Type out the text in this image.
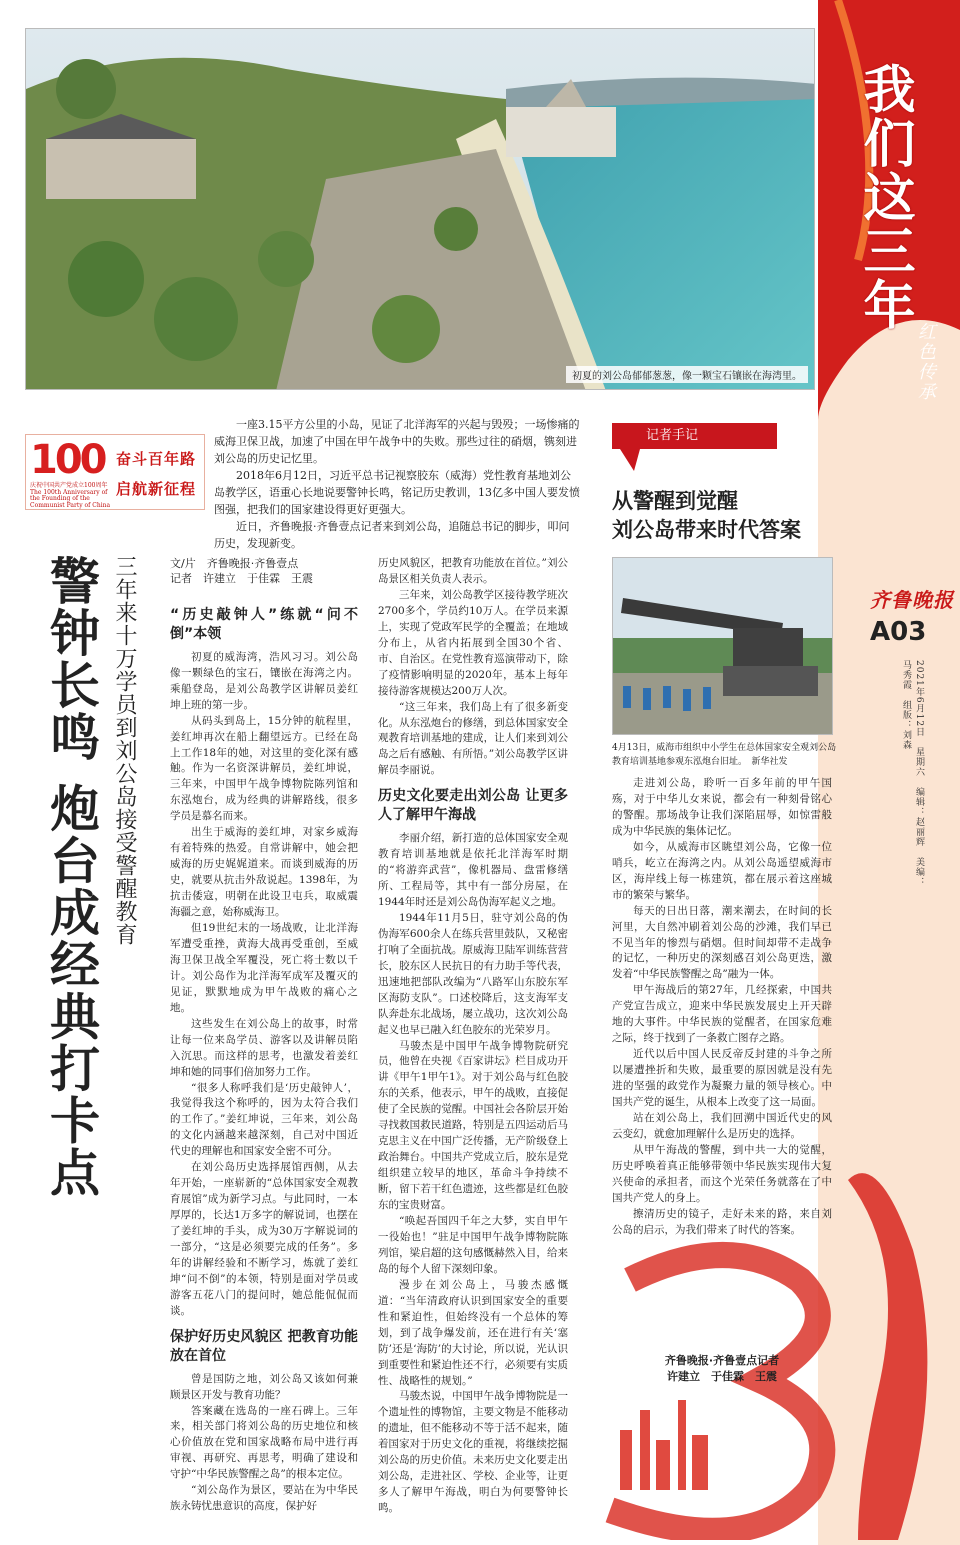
初夏的刘公岛郁郁葱葱，像一颗宝石镶嵌在海湾里。
我们这三年
红色传承
100
庆祝中国共产党成立100周年 The 100th Anniversary of the Founding of the Communist Party of China
奋斗百年路
启航新征程

一座3.15平方公里的小岛，见证了北洋海军的兴起与毁殁；一场惨痛的威海卫保卫战，加速了中国在甲午战争中的失败。那些过往的硝烟，镌刻进刘公岛的历史记忆里。

2018年6月12日，习近平总书记视察胶东（威海）党性教育基地刘公岛教学区，语重心长地说要警钟长鸣，铭记历史教训，13亿多中国人要发愤图强，把我们的国家建设得更好更强大。

近日，齐鲁晚报·齐鲁壹点记者来到刘公岛，追随总书记的脚步，叩问历史，发现新变。

警钟长鸣 炮台成经典打卡点 三年来十万学员到刘公岛接受警醒教育	文/片　齐鲁晚报·齐鲁壹点
记者　许建立　于佳霖　王震
“历史敲钟人”练就“问不倒”本领

初夏的威海湾，浩风习习。刘公岛像一颗绿色的宝石，镶嵌在海湾之内。乘船登岛，是刘公岛教学区讲解员姜红坤上班的第一步。

从码头到岛上，15分钟的航程里，姜红坤再次在船上翻望远方。已经在岛上工作18年的她，对这里的变化深有感触。作为一名资深讲解员，姜红坤说，三年来，中国甲午战争博物院陈列馆和东泓炮台，成为经典的讲解路线，很多学员是慕名而来。

出生于威海的姜红坤，对家乡威海有着特殊的热爱。自常讲解中，她会把威海的历史娓娓道来。而谈到威海的历史，就要从抗击外敌说起。1398年，为抗击倭寇，明朝在此设卫屯兵，取威震海疆之意，始称威海卫。

但19世纪末的一场战败，让北洋海军遭受重挫，黄海大战再受重创，至威海卫保卫战全军覆没，死亡将士数以千计。刘公岛作为北洋海军成军及覆灭的见证，默默地成为甲午战败的痛心之地。

这些发生在刘公岛上的故事，时常让每一位来岛学员、游客以及讲解员陷入沉思。而这样的思考，也激发着姜红坤和她的同事们倍加努力工作。

“很多人称呼我们是‘历史敲钟人’，我觉得我这个称呼的，因为太符合我们的工作了。”姜红坤说，三年来，刘公岛的文化内涵越来越深刻，自己对中国近代史的理解也和国家安全密不可分。

在刘公岛历史选择展馆西侧，从去年开始，一座崭新的“总体国家安全观教育展馆”成为新学习点。与此同时，一本厚厚的，长达1万多字的解说词，也摆在了姜红坤的手头，成为30万字解说词的一部分，“这是必须要完成的任务”。多年的讲解经验和不断学习，炼就了姜红坤“问不倒”的本领，特别是面对学员或游客五花八门的提问时，她总能侃侃而谈。

保护好历史风貌区 把教育功能放在首位

曾是国防之地，刘公岛又该如何兼顾景区开发与教育功能？

答案藏在选岛的一座石碑上。三年来，相关部门将刘公岛的历史地位和核心价值放在党和国家战略布局中进行再审视、再研究、再思考，明确了建设和守护“中华民族警醒之岛”的根本定位。

“刘公岛作为景区，要站在为中华民族永铸忧患意识的高度，保护好

历史风貌区，把教育功能放在首位。”刘公岛景区相关负责人表示。

三年来，刘公岛教学区接待教学班次2700多个，学员约10万人。在学员来源上，实现了党政军民学的全覆盖；在地域分布上，从省内拓展到全国30个省、市、自治区。在党性教育巡演带动下，除了疫情影响明显的2020年，基本上每年接待游客规模达200万人次。

“这三年来，我们岛上有了很多新变化。从东泓炮台的修缮，到总体国家安全观教育培训基地的建成，让人们来到刘公岛之后有感触、有所悟。”刘公岛教学区讲解员李丽说。

历史文化要走出刘公岛 让更多人了解甲午海战

李丽介绍，新打造的总体国家安全观教育培训基地就是依托北洋海军时期的“将游弈武营”，像机器局、盘雷修缮所、工程局等，其中有一部分房屋，在1944年时还是刘公岛伪海军起义之地。

1944年11月5日，驻守刘公岛的伪伪海军600余人在练兵营里鼓队，又秘密打响了全面抗战。原威海卫陆军训练营营长，胶东区人民抗日的有力助手等代表，迅速地把部队改编为“八路军山东胶东军区海防支队”。口述校降后，这支海军支队奔赴东北战场，屡立战功，这次刘公岛起义也早已融入红色胶东的光荣岁月。

马骏杰是中国甲午战争博物院研究员，他曾在央视《百家讲坛》栏目成功开讲《甲午1甲午1》。对于刘公岛与红色胶东的关系，他表示，甲午的战败，直接促使了全民族的觉醒。中国社会各阶层开始寻找救国救民道路，特别是五四运动后马克思主义在中国广泛传播，无产阶级登上政治舞台。中国共产党成立后，胶东是党组织建立较早的地区，革命斗争持续不断，留下若干红色遗迹，这些都是红色胶东的宝贵财富。

“唤起吾国四千年之大梦，实自甲午一役始也！”驻足中国甲午战争博物院陈列馆，梁启超的这句感慨赫然入目，给来岛的每个人留下深刻印象。

漫步在刘公岛上，马骏杰感慨道：“当年清政府认识到国家安全的重要性和紧迫性，但始终没有一个总体的筹划，到了战争爆发前，还在进行有关‘塞防’还是‘海防’的大讨论，所以说，光认识到重要性和紧迫性还不行，必须要有实质性、战略性的规划。”

马骏杰说，中国甲午战争博物院是一个遗址性的博物馆，主要文物是不能移动的遗址，但不能移动不等于活不起来，随着国家对于历史文化的重视，将继续挖掘刘公岛的历史价值。未来历史文化要走出刘公岛，走进社区、学校、企业等，让更多人了解甲午海战，明白为何要警钟长鸣。

记者手记
从警醒到觉醒
刘公岛带来时代答案
4月13日，威海市组织中小学生在总体国家安全观刘公岛教育培训基地参观东泓炮台旧址。　新华社发

走进刘公岛，聆听一百多年前的甲午国殇，对于中华儿女来说，都会有一种刻骨铭心的警醒。那场战争让我们深陷屈辱，如惊雷般成为中华民族的集体记忆。

如今，从威海市区眺望刘公岛，它像一位哨兵，屹立在海湾之内。从刘公岛遥望威海市区，海岸线上每一栋建筑，都在展示着这座城市的繁荣与繁华。

每天的日出日落，潮来潮去，在时间的长河里，大自然冲刷着刘公岛的沙滩，我们早已不见当年的惨烈与硝烟。但时间却带不走战争的记忆，一种历史的深刻感召刘公岛更迭，激发着“中华民族警醒之岛”融为一体。

甲午海战后的第27年，几经探索，中国共产党宣告成立，迎来中华民族发展史上开天辟地的大事件。中华民族的觉醒者，在国家危难之际，终于找到了一条救亡图存之路。

近代以后中国人民反帝反封建的斗争之所以屡遭挫折和失败，最重要的原因就是没有先进的坚强的政党作为凝聚力量的领导核心。中国共产党的诞生，从根本上改变了这一局面。

站在刘公岛上，我们回溯中国近代史的风云变幻，就愈加理解什么是历史的选择。

从甲午海战的警醒，到中共一大的觉醒，历史呼唤着真正能够带领中华民族实现伟大复兴使命的承担者，而这个光荣任务就落在了中国共产党人的身上。

擦清历史的镜子，走好未来的路，来自刘公岛的启示，为我们带来了时代的答案。

齐鲁晚报·齐鲁壹点记者
许建立　于佳霖　王震
齐鲁晚报
A03
2021年6月12日　星期六　编辑：赵丽辉　美编：马秀霞　组版：刘森
